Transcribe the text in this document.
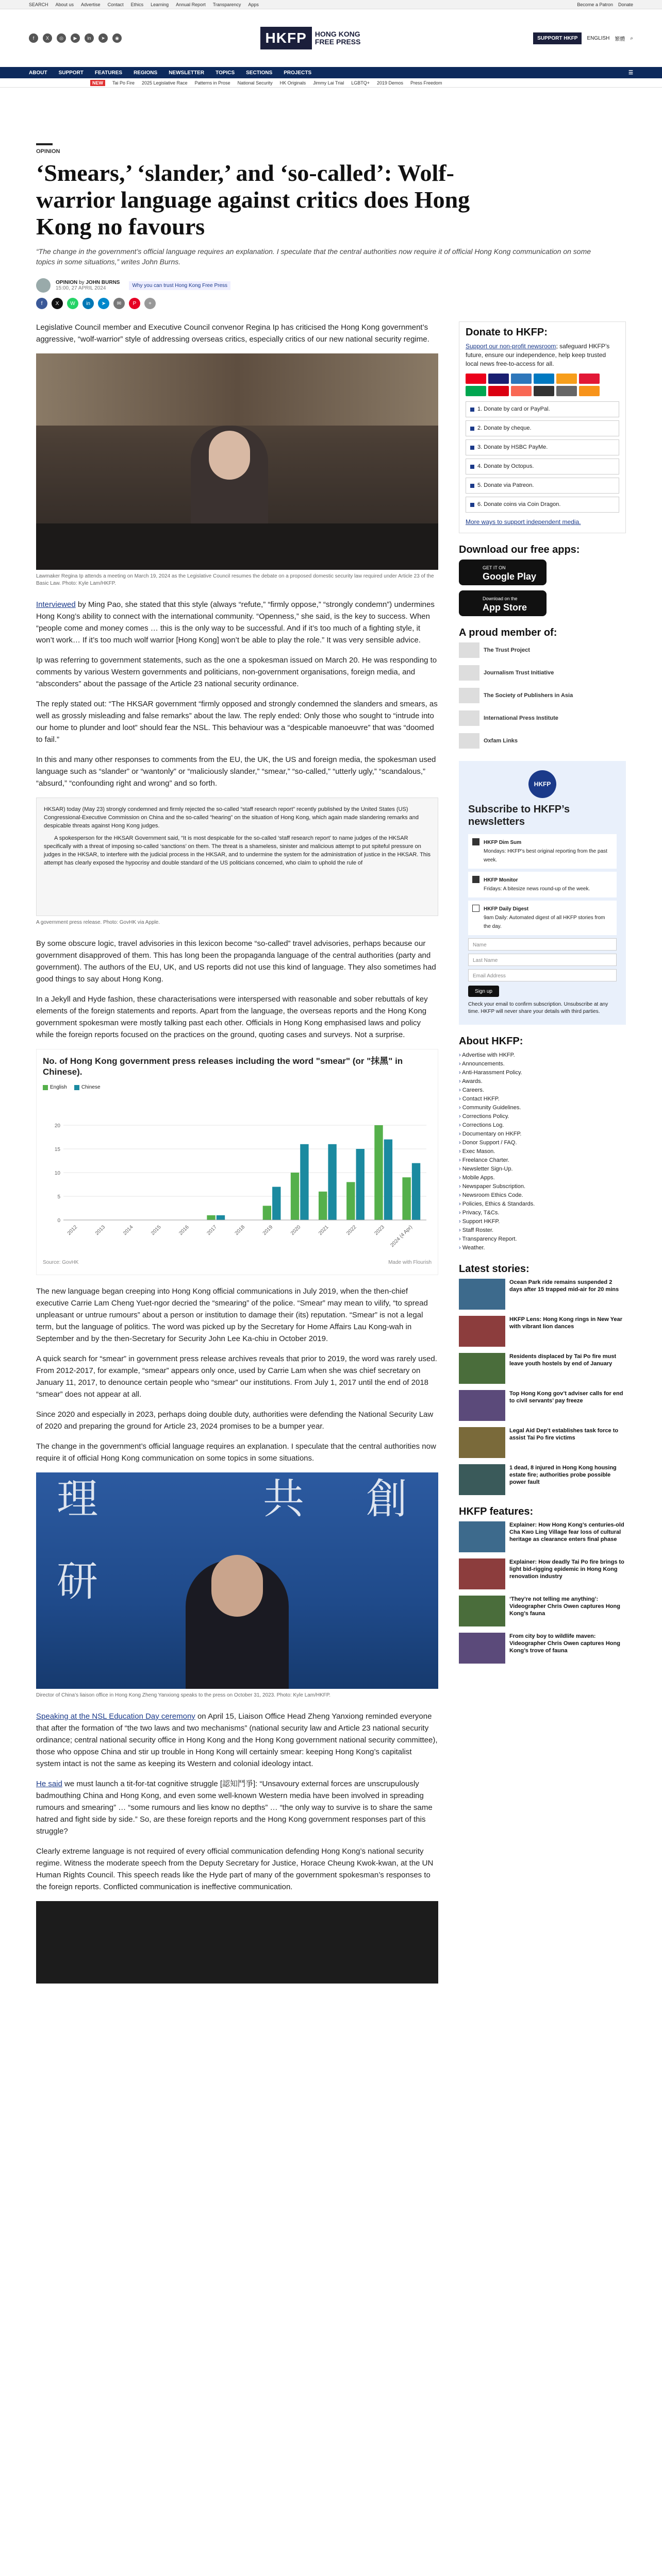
SEARCH About us Advertise Contact Ethics Learning Annual Report Transparency Apps	Become a Patron Donate
f	X	◎	▶	in	➤	◉	HKFP	HONG KONG
FREE PRESS	SUPPORT HKFP	ENGLISH 繁體 ⌕
ABOUT SUPPORT FEATURES REGIONS NEWSLETTER TOPICS SECTIONS PROJECTS	☰
NEW	Tai Po Fire 2025 Legislative Race Patterns in Prose National Security HK Originals Jimmy Lai Trial LGBTQ+ 2019 Demos Press Freedom
OPINION
‘Smears,’ ‘slander,’ and ‘so-called’: Wolf-warrior language against critics does Hong Kong no favours
“The change in the government’s official language requires an explanation. I speculate that the central authorities now require it of official Hong Kong communication on some topics in some situations,” writes John Burns.
OPINION by JOHN BURNS
15:00, 27 APRIL 2024	Why you can trust Hong Kong Free Press
f	X	W	in	➤	✉	P	+

Legislative Council member and Executive Council convenor Regina Ip has criticised the Hong Kong government’s aggressive, “wolf-warrior” style of addressing overseas critics, especially critics of our new national security regime.

Lawmaker Regina Ip attends a meeting on March 19, 2024 as the Legislative Council resumes the debate on a proposed domestic security law required under Article 23 of the Basic Law. Photo: Kyle Lam/HKFP.

Interviewed by Ming Pao, she stated that this style (always “refute,” “firmly oppose,” “strongly condemn”) undermines Hong Kong’s ability to connect with the international community. “Openness,” she said, is the key to success. When “people come and money comes … this is the only way to be successful. And if it’s too much of a fighting style, it won’t work… If it’s too much wolf warrior [Hong Kong] won’t be able to play the role.” It was very sensible advice.

Ip was referring to government statements, such as the one a spokesman issued on March 20. He was responding to comments by various Western governments and politicians, non-government organisations, foreign media, and “absconders” about the passage of the Article 23 national security ordinance.

The reply stated out: “The HKSAR government “firmly opposed and strongly condemned the slanders and smears, as well as grossly misleading and false remarks” about the law. The reply ended: Only those who sought to “intrude into our home to plunder and loot” should fear the NSL. This behaviour was a “despicable manoeuvre” that was “doomed to fail.”

In this and many other responses to comments from the EU, the UK, the US and foreign media, the spokesman used language such as “slander” or “wantonly” or “maliciously slander,” “smear,” “so-called,” “utterly ugly,” “scandalous,” “absurd,” “confounding right and wrong” and so forth.

HKSAR) today (May 23) strongly condemned and firmly rejected the so-called “staff research report” recently published by the United States (US) Congressional-Executive Commission on China and the so-called “hearing” on the situation of Hong Kong, which again made slandering remarks and despicable threats against Hong Kong judges.
A spokesperson for the HKSAR Government said, “It is most despicable for the so-called ‘staff research report’ to name judges of the HKSAR specifically with a threat of imposing so-called ‘sanctions’ on them. The threat is a shameless, sinister and malicious attempt to put spiteful pressure on judges in the HKSAR, to interfere with the judicial process in the HKSAR, and to undermine the system for the administration of justice in the HKSAR. This attempt has clearly exposed the hypocrisy and double standard of the US politicians concerned, who claim to uphold the rule of
A government press release. Photo: GovHK via Apple.

By some obscure logic, travel advisories in this lexicon become “so-called” travel advisories, perhaps because our government disapproved of them. This has long been the propaganda language of the central authorities (party and government). The authors of the EU, UK, and US reports did not use this kind of language. They also sometimes had good things to say about Hong Kong.

In a Jekyll and Hyde fashion, these characterisations were interspersed with reasonable and sober rebuttals of key elements of the foreign statements and reports. Apart from the language, the overseas reports and the Hong Kong government spokesman were mostly talking past each other. Officials in Hong Kong emphasised laws and policy while the foreign reports focused on the practices on the ground, quoting cases and surveys. Not a surprise.

No. of Hong Kong government press releases including the word "smear" (or "抹黑" in Chinese).
English	Chinese
0
5
10
15
20
2012	2013	2014	2015	2016	2017	2018	2019	2020	2021	2022	2023 2024 (4 Apr)
Source: GovHK	Made with Flourish

The new language began creeping into Hong Kong official communications in July 2019, when the then-chief executive Carrie Lam Cheng Yuet-ngor decried the “smearing” of the police. “Smear” may mean to vilify, “to spread unpleasant or untrue rumours” about a person or institution to damage their (its) reputation. “Smear” is not a legal term, but the language of politics. The word was picked up by the Secretary for Home Affairs Lau Kong-wah in September and by the then-Secretary for Security John Lee Ka-chiu in October 2019.

A quick search for “smear” in government press release archives reveals that prior to 2019, the word was rarely used. From 2012-2017, for example, “smear” appears only once, used by Carrie Lam when she was chief secretary on January 11, 2017, to denounce certain people who “smear” our institutions. From July 1, 2017 until the end of 2018 “smear” does not appear at all.

Since 2020 and especially in 2023, perhaps doing double duty, authorities were defending the National Security Law of 2020 and preparing the ground for Article 23, 2024 promises to be a bumper year.

The change in the government’s official language requires an explanation. I speculate that the central authorities now require it of official Hong Kong communication on some topics in some situations.

理	共 創
研
Director of China’s liaison office in Hong Kong Zheng Yanxiong speaks to the press on October 31, 2023. Photo: Kyle Lam/HKFP.

Speaking at the NSL Education Day ceremony on April 15, Liaison Office Head Zheng Yanxiong reminded everyone that after the formation of “the two laws and two mechanisms” (national security law and Article 23 national security ordinance; central national security office in Hong Kong and the Hong Kong government national security committee), those who oppose China and stir up trouble in Hong Kong will certainly smear: keeping Hong Kong’s capitalist system intact is not the same as keeping its Western and colonial ideology intact.

He said we must launch a tit-for-tat cognitive struggle [認知鬥爭]: “Unsavoury external forces are unscrupulously badmouthing China and Hong Kong, and even some well-known Western media have been involved in spreading rumours and smearing” … “some rumours and lies know no depths” … “the only way to survive is to share the same hatred and fight side by side.” So, are these foreign reports and the Hong Kong government responses part of this struggle?

Clearly extreme language is not required of every official communication defending Hong Kong’s national security regime. Witness the moderate speech from the Deputy Secretary for Justice, Horace Cheung Kwok-kwan, at the UN Human Rights Council. This speech reads like the Hyde part of many of the government spokesman’s responses to the foreign reports. Conflicted communication is ineffective communication.

Donate to HKFP:

Support our non-profit newsroom; safeguard HKFP’s future, ensure our independence, help keep trusted local news free-to-access for all.

1. Donate by card or PayPal.
2. Donate by cheque.
3. Donate by HSBC PayMe.
4. Donate by Octopus.
5. Donate via Patreon.
6. Donate coins via Coin Dragon.

More ways to support independent media.

Download our free apps:
GET IT ON
Google Play
Download on the
App Store
A proud member of:
The Trust Project
Journalism Trust Initiative
The Society of Publishers in Asia
International Press Institute
Oxfam Links
HKFP
Subscribe to HKFP’s newsletters
HKFP Dim Sum
Mondays: HKFP’s best original reporting from the past week.
HKFP Monitor
Fridays: A bitesize news round-up of the week.
HKFP Daily Digest
9am Daily: Automated digest of all HKFP stories from the day.
Name
Last Name
Email Address
Sign up

Check your email to confirm subscription. Unsubscribe at any time. HKFP will never share your details with third parties.

About HKFP:
› Advertise with HKFP.
› Announcements.
› Anti-Harassment Policy.
› Awards.
› Careers.
› Contact HKFP.
› Community Guidelines.
› Corrections Policy.
› Corrections Log.
› Documentary on HKFP.
› Donor Support / FAQ.
› Exec Mason.
› Freelance Charter.
› Newsletter Sign-Up.
› Mobile Apps.
› Newspaper Subscription.
› Newsroom Ethics Code.
› Policies, Ethics & Standards.
› Privacy, T&Cs.
› Support HKFP.
› Staff Roster.
› Transparency Report.
› Weather.
Latest stories:
Ocean Park ride remains suspended 2 days after 15 trapped mid-air for 20 mins
HKFP Lens: Hong Kong rings in New Year with vibrant lion dances
Residents displaced by Tai Po fire must leave youth hostels by end of January
Top Hong Kong gov’t adviser calls for end to civil servants’ pay freeze
Legal Aid Dep’t establishes task force to assist Tai Po fire victims
1 dead, 8 injured in Hong Kong housing estate fire; authorities probe possible power fault
HKFP features:
Explainer: How Hong Kong’s centuries-old Cha Kwo Ling Village fear loss of cultural heritage as clearance enters final phase
Explainer: How deadly Tai Po fire brings to light bid-rigging epidemic in Hong Kong renovation industry
‘They’re not telling me anything’: Videographer Chris Owen captures Hong Kong’s fauna
From city boy to wildlife maven: Videographer Chris Owen captures Hong Kong’s trove of fauna
